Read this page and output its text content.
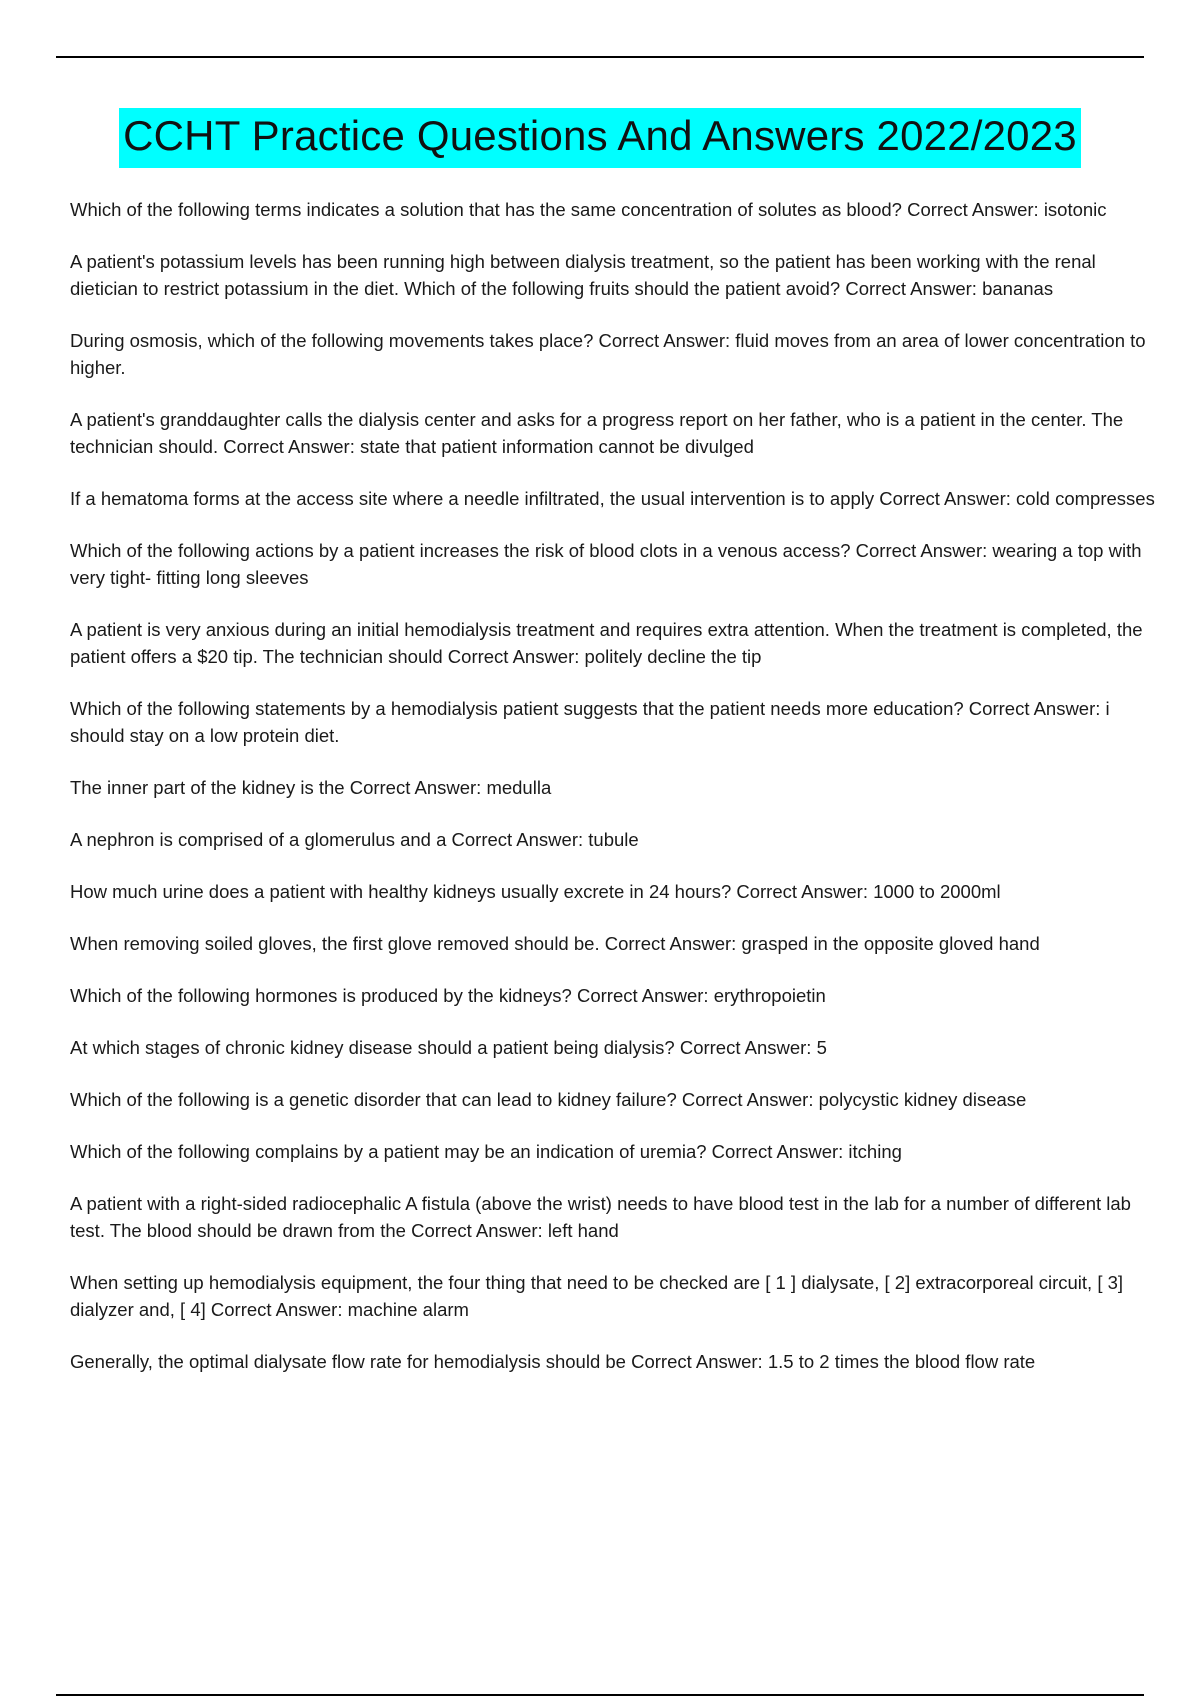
CCHT Practice Questions And Answers 2022/2023

Which of the following terms indicates a solution that has the same concentration of solutes as blood? Correct Answer: isotonic

A patient's potassium levels has been running high between dialysis treatment, so the patient has been working with the renal dietician to restrict potassium in the diet. Which of the following fruits should the patient avoid? Correct Answer: bananas

During osmosis, which of the following movements takes place? Correct Answer: fluid moves from an area of lower concentration to higher.

A patient's granddaughter calls the dialysis center and asks for a progress report on her father, who is a patient in the center. The technician should. Correct Answer: state that patient information cannot be divulged

If a hematoma forms at the access site where a needle infiltrated, the usual intervention is to apply Correct Answer: cold compresses

Which of the following actions by a patient increases the risk of blood clots in a venous access? Correct Answer: wearing a top with very tight- fitting long sleeves

A patient is very anxious during an initial hemodialysis treatment and requires extra attention. When the treatment is completed, the patient offers a $20 tip. The technician should Correct Answer: politely decline the tip

Which of the following statements by a hemodialysis patient suggests that the patient needs more education? Correct Answer: i should stay on a low protein diet.

The inner part of the kidney is the Correct Answer: medulla

A nephron is comprised of a glomerulus and a Correct Answer: tubule

How much urine does a patient with healthy kidneys usually excrete in 24 hours? Correct Answer: 1000 to 2000ml

When removing soiled gloves, the first glove removed should be. Correct Answer: grasped in the opposite gloved hand

Which of the following hormones is produced by the kidneys? Correct Answer: erythropoietin

At which stages of chronic kidney disease should a patient being dialysis? Correct Answer: 5

Which of the following is a genetic disorder that can lead to kidney failure? Correct Answer: polycystic kidney disease

Which of the following complains by a patient may be an indication of uremia? Correct Answer: itching

A patient with a right-sided radiocephalic A fistula (above the wrist) needs to have blood test in the lab for a number of different lab test. The blood should be drawn from the Correct Answer: left hand

When setting up hemodialysis equipment, the four thing that need to be checked are [ 1 ] dialysate, [ 2] extracorporeal circuit, [ 3] dialyzer and, [ 4] Correct Answer: machine alarm

Generally, the optimal dialysate flow rate for hemodialysis should be Correct Answer: 1.5 to 2 times the blood flow rate
